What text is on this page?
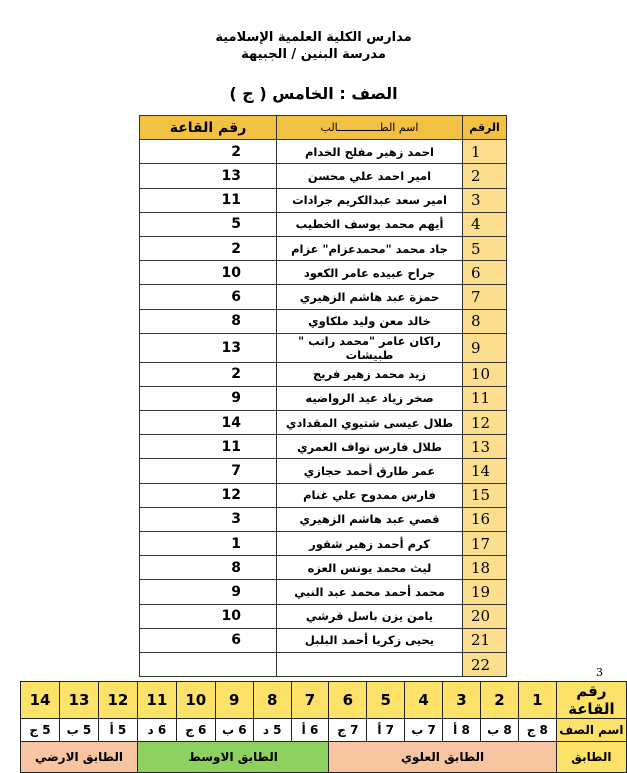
مدارس الكلية العلمية الإسلامية
مدرسة البنين / الجبيهة
الصف : الخامس ( ج )
الرقم	اسم الطـــــــــــــالب	رقم القاعة
1	احمد زهير مفلح الخدام	2
2	امير احمد علي محسن	13
3	امير سعد عبدالكريم جرادات	11
4	أيهم محمد يوسف الخطيب	5
5	جاد محمد "محمدعزام" عزام	2
6	جراح عبيده عامر الكعود	10
7	حمزة عبد هاشم الزهيري	6
8	خالد معن وليد ملكاوي	8
9	راكان عامر "محمد راتب " طبيشات	13
10	زيد محمد زهير فريج	2
11	صخر زياد عيد الرواضيه	9
12	طلال عيسى شتيوي المقدادي	14
13	طلال فارس نواف العمري	11
14	عمر طارق أحمد حجازي	7
15	فارس ممدوح علي غنام	12
16	قصي عبد هاشم الزهيري	3
17	كرم أحمد زهير شقور	1
18	ليث محمد يونس العزه	8
19	محمد أحمد محمد عبد النبي	9
20	يامن يزن باسل قرشي	10
21	يحيى زكريا أحمد البلبل	6
22			3
رقم القاعة	1	2	3	4	5	6	7	8	9	10	11	12	13	14
اسم الصف	8 ج	8 ب	8 أ	7 ب	7 أ	7 ج	6 أ	5 د	6 ب	6 ج	6 د	5 أ	5 ب	5 ج
الطابق	الطابق العلوي						الطابق الاوسط					الطابق الارضي		
